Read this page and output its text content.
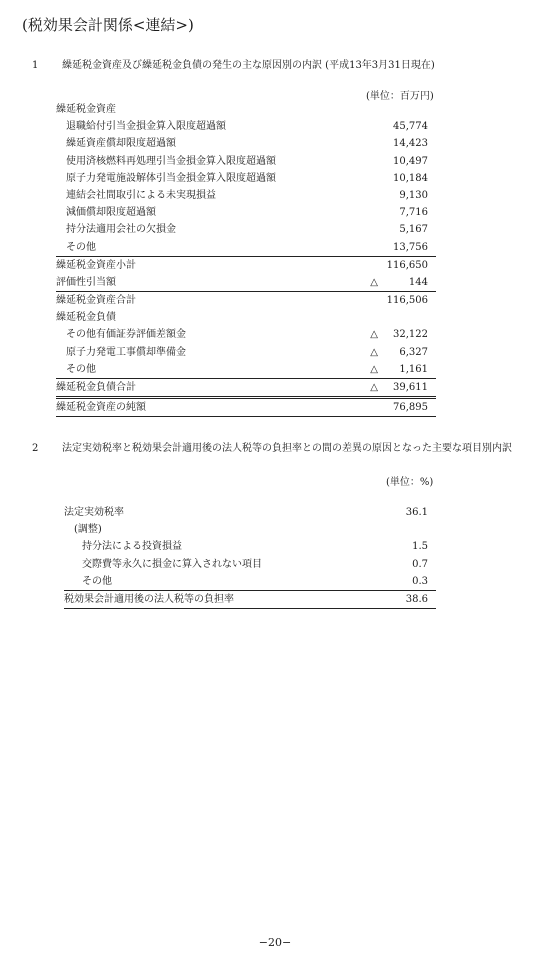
(税効果会計関係<連結>)
1 繰延税金資産及び繰延税金負債の発生の主な原因別の内訳 (平成13年3月31日現在)
(単位：百万円)
繰延税金資産
退職給付引当金損金算入限度超過額	45,774
繰延資産償却限度超過額	14,423
使用済核燃料再処理引当金損金算入限度超過額	10,497
原子力発電施設解体引当金損金算入限度超過額	10,184
連結会社間取引による未実現損益	9,130
減価償却限度超過額	7,716
持分法適用会社の欠損金	5,167
その他	13,756
繰延税金資産小計	116,650
評価性引当額	△	144
繰延税金資産合計	116,506
繰延税金負債
その他有価証券評価差額金	△ 32,122
原子力発電工事償却準備金	△ 6,327
その他	△ 1,161
繰延税金負債合計	△ 39,611
繰延税金資産の純額	76,895
2 法定実効税率と税効果会計適用後の法人税等の負担率との間の差異の原因となった主要な項目別内訳
(単位：%)
法定実効税率	36.1
(調整)
持分法による投資損益	1.5
交際費等永久に損金に算入されない項目	0.7
その他	0.3
税効果会計適用後の法人税等の負担率	38.6
−20−
